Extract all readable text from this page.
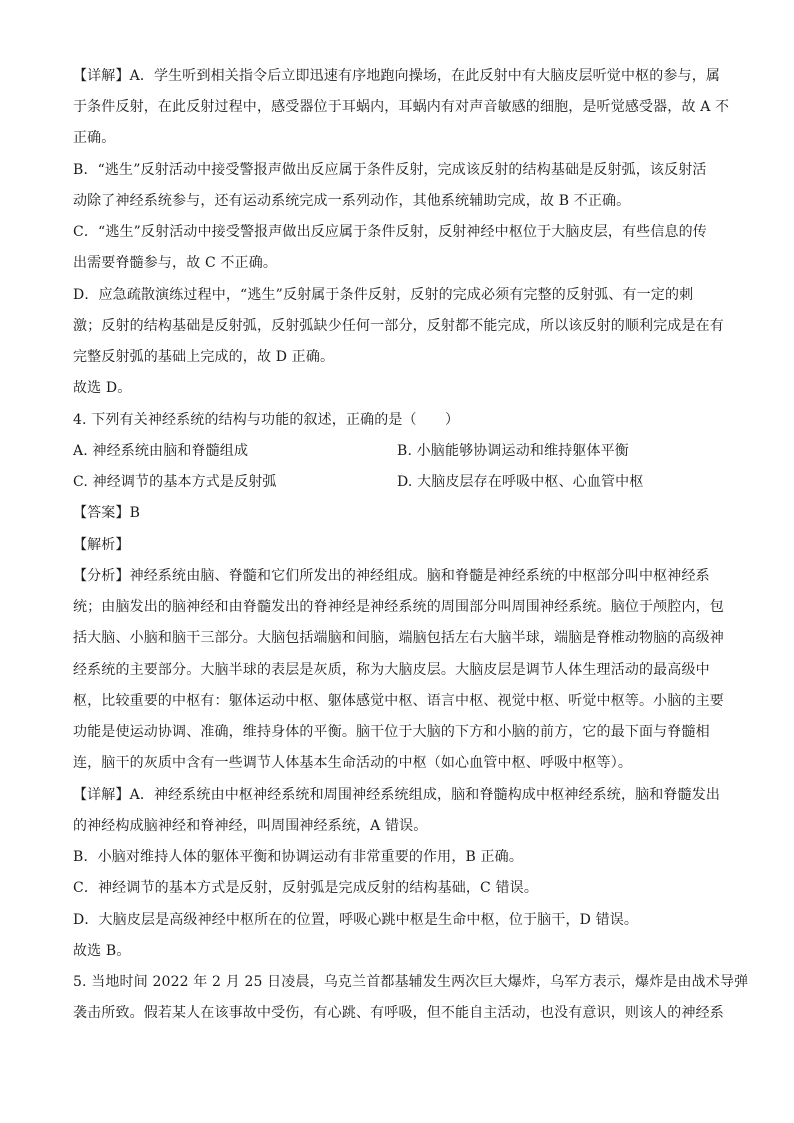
【详解】A．学生听到相关指令后立即迅速有序地跑向操场，在此反射中有大脑皮层听觉中枢的参与，属
于条件反射，在此反射过程中，感受器位于耳蜗内，耳蜗内有对声音敏感的细胞，是听觉感受器，故 A 不
正确。
B．“逃生”反射活动中接受警报声做出反应属于条件反射，完成该反射的结构基础是反射弧，该反射活
动除了神经系统参与，还有运动系统完成一系列动作，其他系统辅助完成，故 B 不正确。
C．“逃生”反射活动中接受警报声做出反应属于条件反射，反射神经中枢位于大脑皮层，有些信息的传
出需要脊髓参与，故 C 不正确。
D．应急疏散演练过程中，“逃生”反射属于条件反射，反射的完成必须有完整的反射弧、有一定的刺
激；反射的结构基础是反射弧，反射弧缺少任何一部分，反射都不能完成，所以该反射的顺利完成是在有
完整反射弧的基础上完成的，故 D 正确。
故选 D。
4. 下列有关神经系统的结构与功能的叙述，正确的是（　　）
A. 神经系统由脑和脊髓组成	B. 小脑能够协调运动和维持躯体平衡
C. 神经调节的基本方式是反射弧	D. 大脑皮层存在呼吸中枢、心血管中枢
【答案】B
【解析】
【分析】神经系统由脑、脊髓和它们所发出的神经组成。脑和脊髓是神经系统的中枢部分叫中枢神经系
统；由脑发出的脑神经和由脊髓发出的脊神经是神经系统的周围部分叫周围神经系统。脑位于颅腔内，包
括大脑、小脑和脑干三部分。大脑包括端脑和间脑，端脑包括左右大脑半球，端脑是脊椎动物脑的高级神
经系统的主要部分。大脑半球的表层是灰质，称为大脑皮层。大脑皮层是调节人体生理活动的最高级中
枢，比较重要的中枢有：躯体运动中枢、躯体感觉中枢、语言中枢、视觉中枢、听觉中枢等。小脑的主要
功能是使运动协调、准确，维持身体的平衡。脑干位于大脑的下方和小脑的前方，它的最下面与脊髓相
连，脑干的灰质中含有一些调节人体基本生命活动的中枢（如心血管中枢、呼吸中枢等）。
【详解】A．神经系统由中枢神经系统和周围神经系统组成，脑和脊髓构成中枢神经系统，脑和脊髓发出
的神经构成脑神经和脊神经，叫周围神经系统，A 错误。
B．小脑对维持人体的躯体平衡和协调运动有非常重要的作用，B 正确。
C．神经调节的基本方式是反射，反射弧是完成反射的结构基础，C 错误。
D．大脑皮层是高级神经中枢所在的位置，呼吸心跳中枢是生命中枢，位于脑干，D 错误。
故选 B。
5. 当地时间 2022 年 2 月 25 日凌晨，乌克兰首都基辅发生两次巨大爆炸，乌军方表示，爆炸是由战术导弹
袭击所致。假若某人在该事故中受伤，有心跳、有呼吸，但不能自主活动，也没有意识，则该人的神经系
